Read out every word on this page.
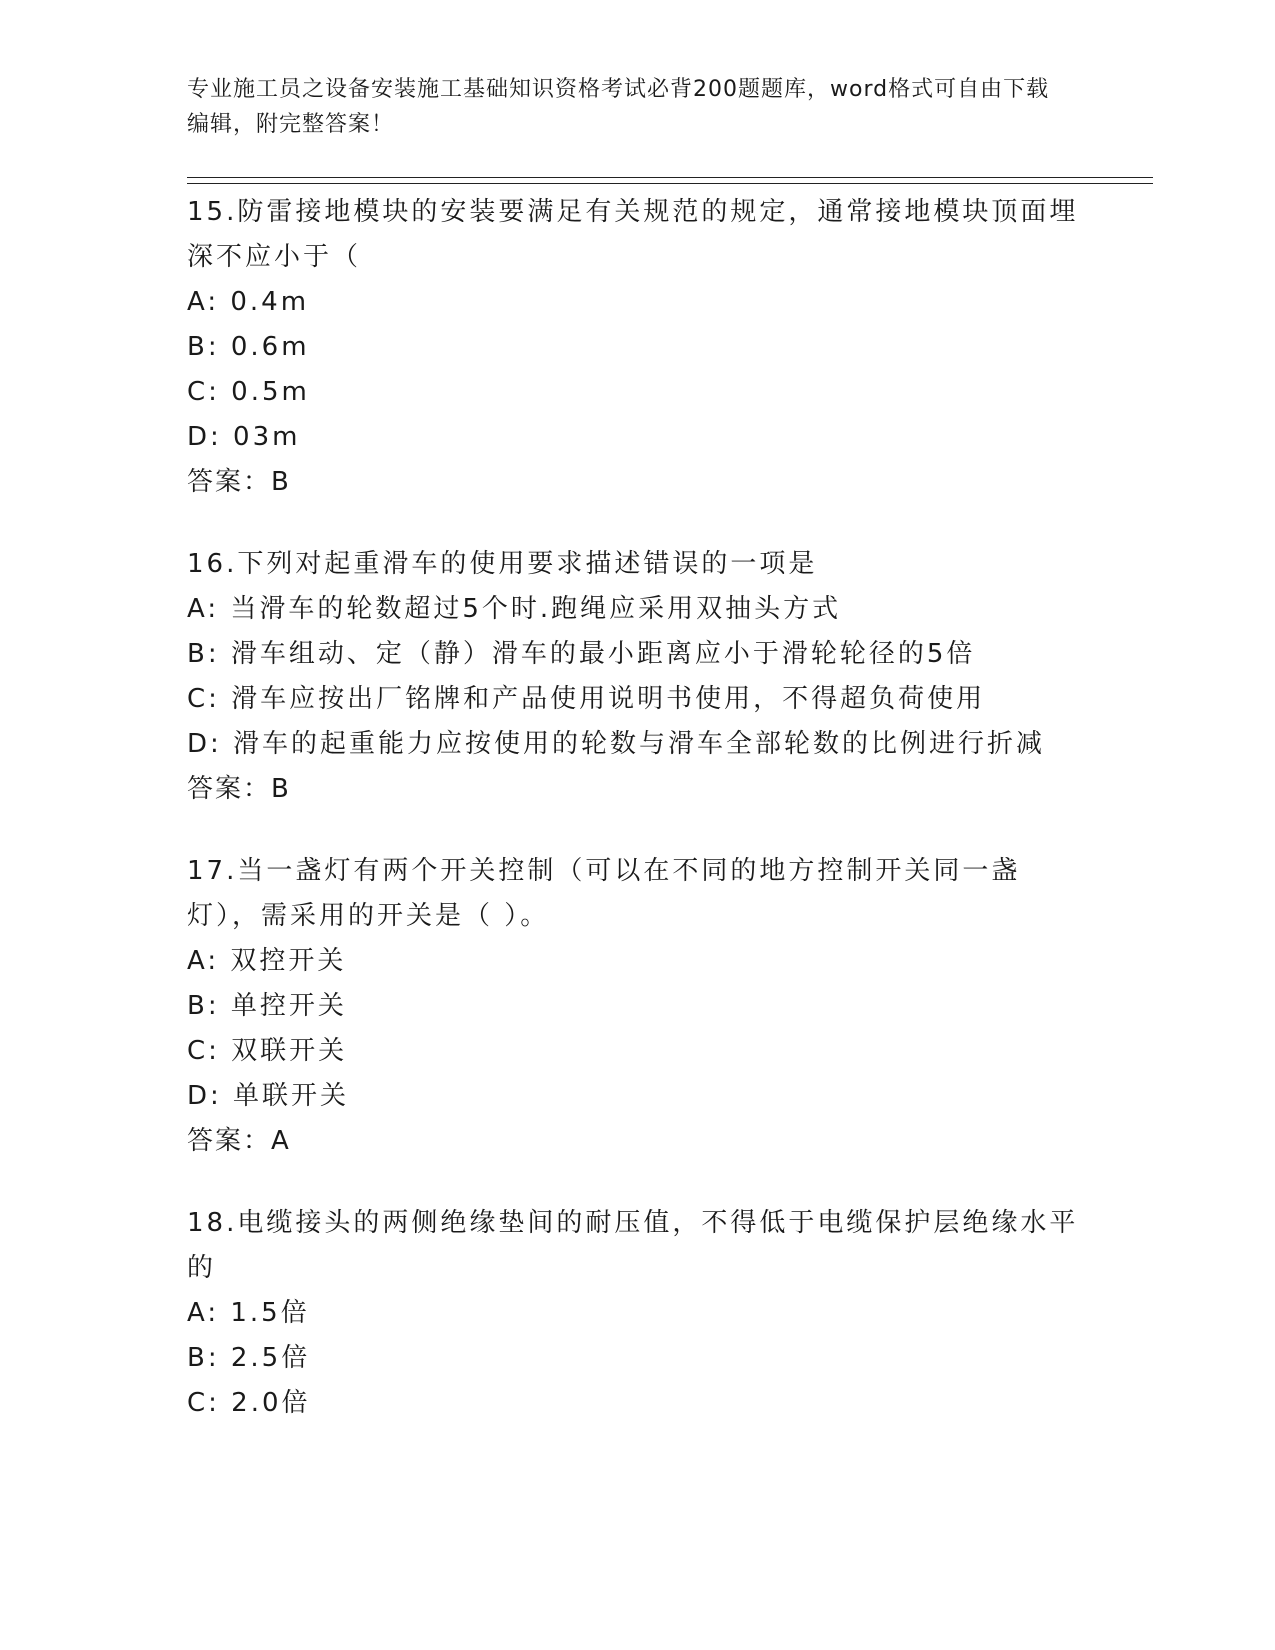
专业施工员之设备安装施工基础知识资格考试必背200题题库，word格式可自由下载编辑，附完整答案！
15.防雷接地模块的安装要满足有关规范的规定，通常接地模块顶面埋深不应小于（
A: 0.4m
B: 0.6m
C: 0.5m
D: 03m
答案：B
16.下列对起重滑车的使用要求描述错误的一项是
A: 当滑车的轮数超过5个时.跑绳应采用双抽头方式
B: 滑车组动、定（静）滑车的最小距离应小于滑轮轮径的5倍
C: 滑车应按出厂铭牌和产品使用说明书使用，不得超负荷使用
D: 滑车的起重能力应按使用的轮数与滑车全部轮数的比例进行折减
答案：B
17.当一盏灯有两个开关控制（可以在不同的地方控制开关同一盏灯），需采用的开关是（ ）。
A: 双控开关
B: 单控开关
C: 双联开关
D: 单联开关
答案：A
18.电缆接头的两侧绝缘垫间的耐压值，不得低于电缆保护层绝缘水平的
A: 1.5倍
B: 2.5倍
C: 2.0倍
